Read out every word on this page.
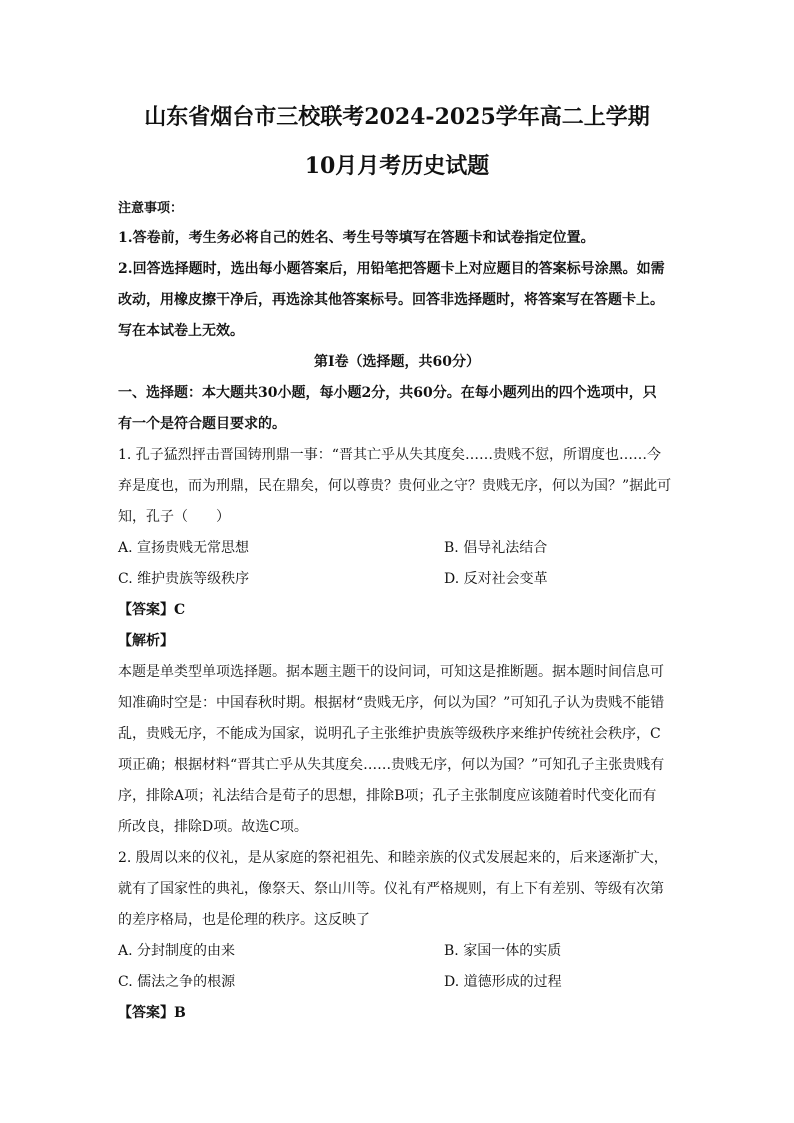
山东省烟台市三校联考2024-2025学年高二上学期
10月月考历史试题
注意事项：

1.答卷前，考生务必将自己的姓名、考生号等填写在答题卡和试卷指定位置。

2.回答选择题时，选出每小题答案后，用铅笔把答题卡上对应题目的答案标号涂黑。如需

改动，用橡皮擦干净后，再选涂其他答案标号。回答非选择题时，将答案写在答题卡上。

写在本试卷上无效。

第Ⅰ卷（选择题，共60分）

一、选择题：本大题共30小题，每小题2分，共60分。在每小题列出的四个选项中，只

有一个是符合题目要求的。

1. 孔子猛烈抨击晋国铸刑鼎一事：“晋其亡乎从失其度矣……贵贱不愆，所谓度也……今

弃是度也，而为刑鼎，民在鼎矣，何以尊贵？贵何业之守？贵贱无序，何以为国？”据此可

知，孔子（　　）

A. 宣扬贵贱无常思想	B. 倡导礼法结合
C. 维护贵族等级秩序	D. 反对社会变革

【答案】C

【解析】

本题是单类型单项选择题。据本题主题干的设问词，可知这是推断题。据本题时间信息可

知准确时空是：中国春秋时期。根据材“贵贱无序，何以为国？”可知孔子认为贵贱不能错

乱，贵贱无序，不能成为国家，说明孔子主张维护贵族等级秩序来维护传统社会秩序，C

项正确；根据材料“晋其亡乎从失其度矣……贵贱无序，何以为国？”可知孔子主张贵贱有

序，排除A项；礼法结合是荀子的思想，排除B项；孔子主张制度应该随着时代变化而有

所改良，排除D项。故选C项。

2. 殷周以来的仪礼，是从家庭的祭祀祖先、和睦亲族的仪式发展起来的，后来逐渐扩大，

就有了国家性的典礼，像祭天、祭山川等。仪礼有严格规则，有上下有差别、等级有次第

的差序格局，也是伦理的秩序。这反映了

A. 分封制度的由来	B. 家国一体的实质
C. 儒法之争的根源	D. 道德形成的过程

【答案】B
